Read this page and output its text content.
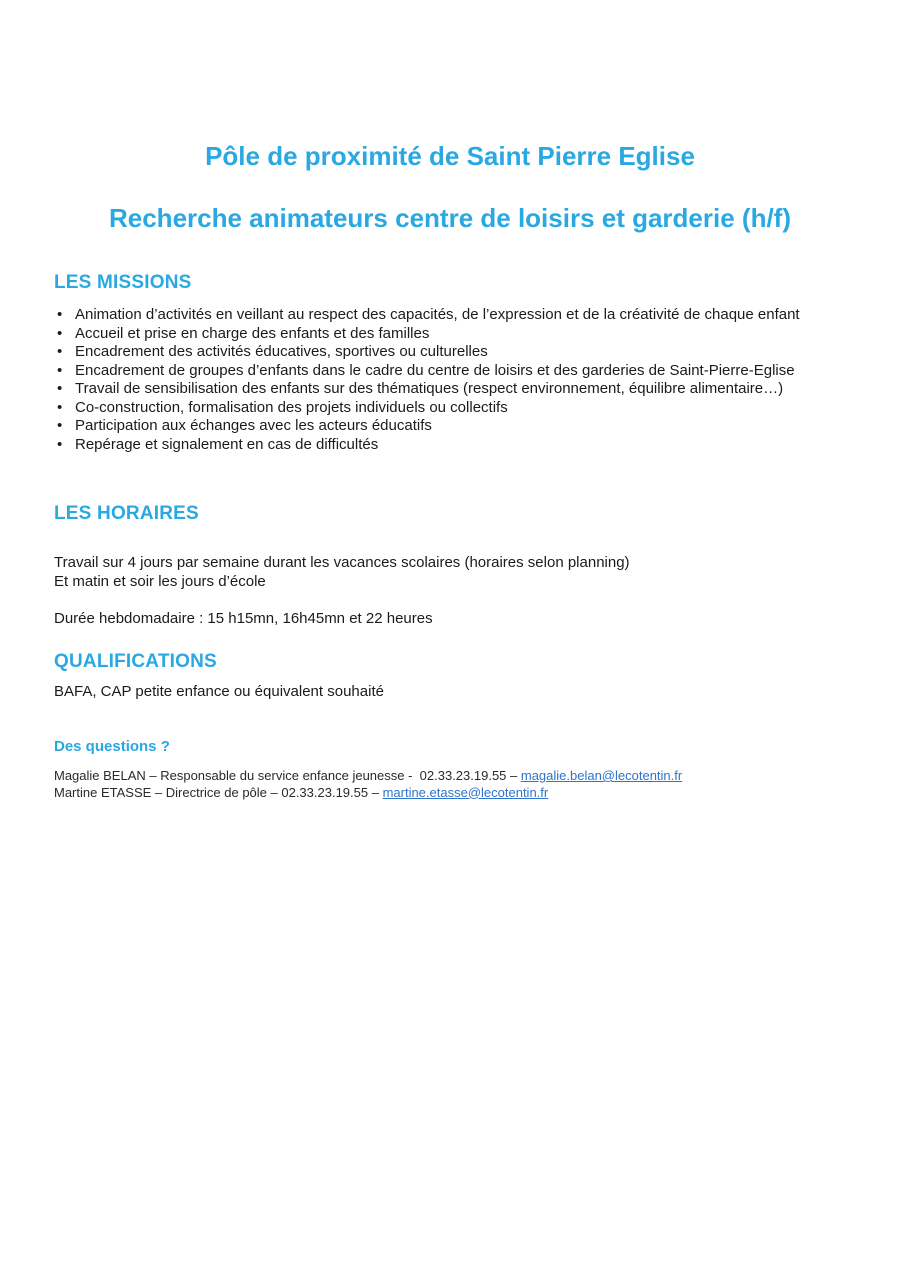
Pôle de proximité de Saint Pierre Eglise
Recherche animateurs centre de loisirs et garderie (h/f)
LES MISSIONS
• Animation d’activités en veillant au respect des capacités, de l’expression et de la créativité de chaque enfant
• Accueil et prise en charge des enfants et des familles
• Encadrement des activités éducatives, sportives ou culturelles
• Encadrement de groupes d’enfants dans le cadre du centre de loisirs et des garderies de Saint-Pierre-Eglise
• Travail de sensibilisation des enfants sur des thématiques (respect environnement, équilibre alimentaire…)
• Co-construction, formalisation des projets individuels ou collectifs
• Participation aux échanges avec les acteurs éducatifs
• Repérage et signalement en cas de difficultés
LES HORAIRES

Travail sur 4 jours par semaine durant les vacances scolaires (horaires selon planning)

Et matin et soir les jours d’école

Durée hebdomadaire : 15 h15mn, 16h45mn et 22 heures

QUALIFICATIONS

BAFA, CAP petite enfance ou équivalent souhaité

Des questions ?
Magalie BELAN – Responsable du service enfance jeunesse -  02.33.23.19.55 – magalie.belan@lecotentin.fr
Martine ETASSE – Directrice de pôle – 02.33.23.19.55 – martine.etasse@lecotentin.fr
